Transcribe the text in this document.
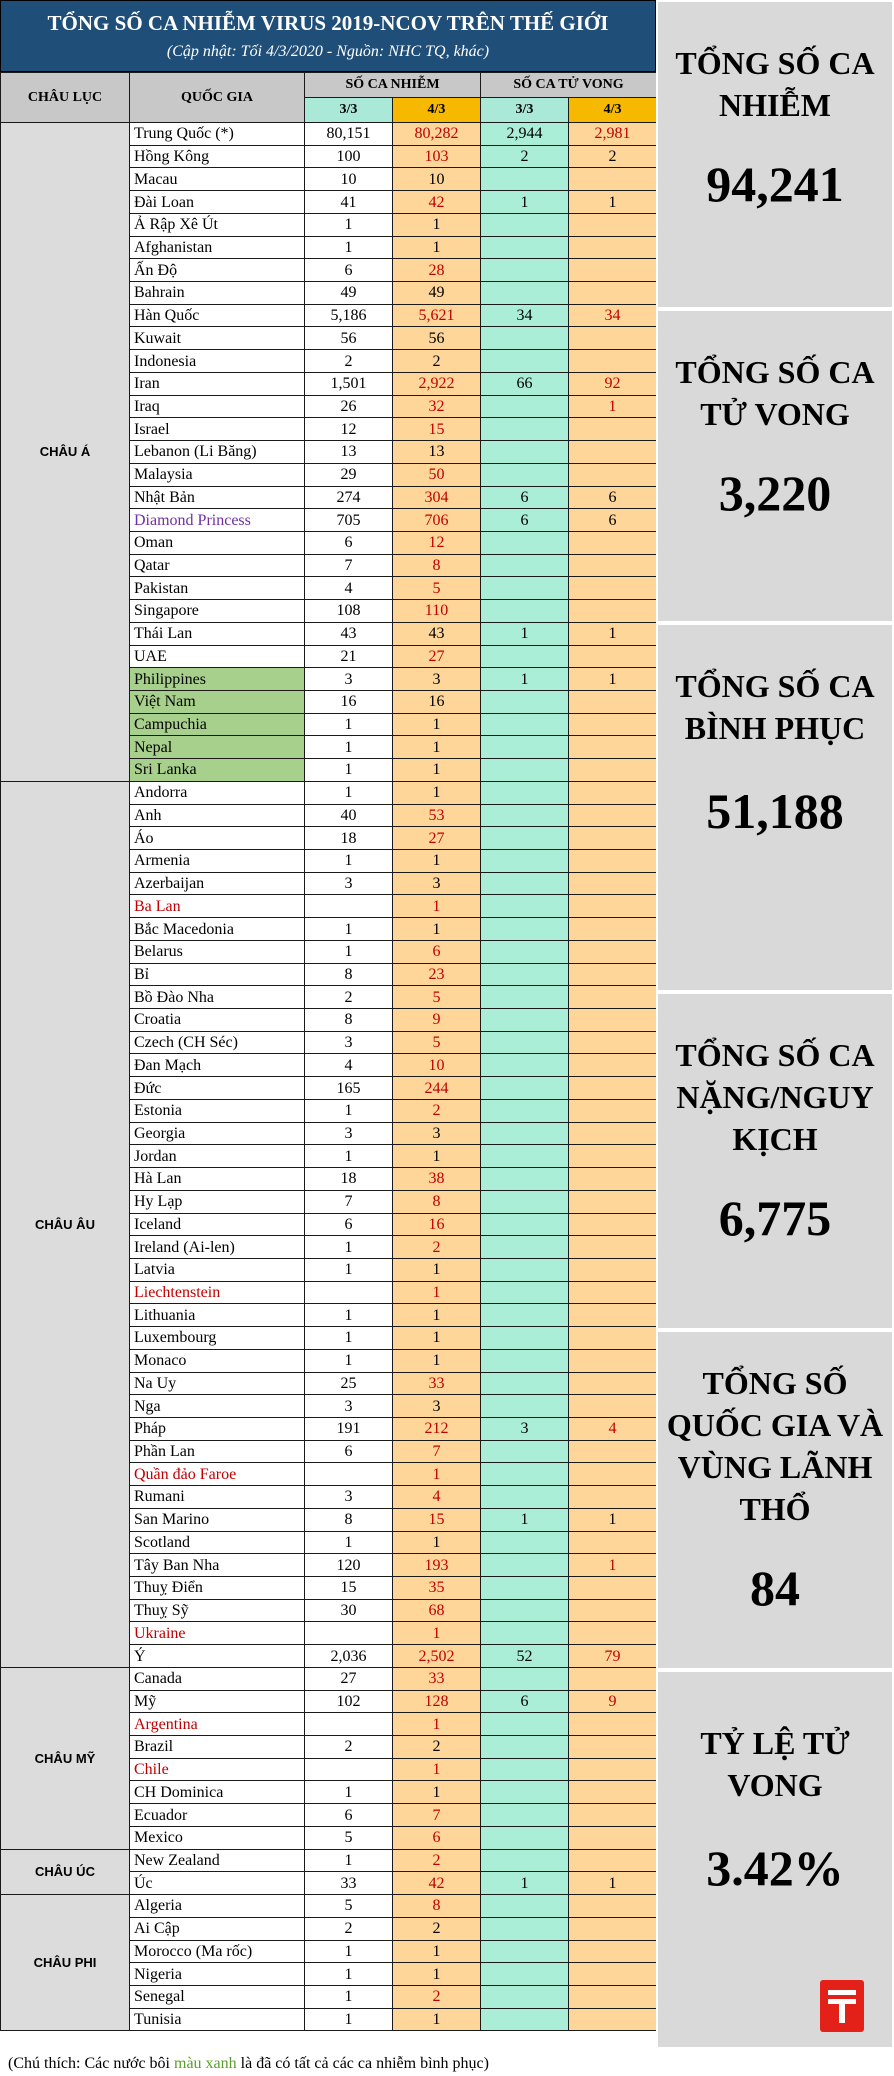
TỔNG SỐ CA NHIỄM VIRUS 2019-NCOV TRÊN THẾ GIỚI
(Cập nhật: Tối 4/3/2020 - Nguồn: NHC TQ, khác)
CHÂU LỤC	QUỐC GIA	SỐ CA NHIỄM		SỐ CA TỬ VONG	
		3/3	4/3	3/3	4/3
CHÂU Á	Trung Quốc (*)	80,151	80,282	2,944	2,981
	Hồng Kông	100	103	2	2
	Macau	10	10		
	Đài Loan	41	42	1	1
	Ả Rập Xê Út	1	1		
	Afghanistan	1	1		
	Ấn Độ	6	28		
	Bahrain	49	49		
	Hàn Quốc	5,186	5,621	34	34
	Kuwait	56	56		
	Indonesia	2	2		
	Iran	1,501	2,922	66	92
	Iraq	26	32		1
	Israel	12	15		
	Lebanon (Li Băng)	13	13		
	Malaysia	29	50		
	Nhật Bản	274	304	6	6
	Diamond Princess	705	706	6	6
	Oman	6	12		
	Qatar	7	8		
	Pakistan	4	5		
	Singapore	108	110		
	Thái Lan	43	43	1	1
	UAE	21	27		
	Philippines	3	3	1	1
	Việt Nam	16	16		
	Campuchia	1	1		
	Nepal	1	1		
	Sri Lanka	1	1		
CHÂU ÂU	Andorra	1	1		
	Anh	40	53		
	Áo	18	27		
	Armenia	1	1		
	Azerbaijan	3	3		
	Ba Lan		1		
	Bắc Macedonia	1	1		
	Belarus	1	6		
	Bỉ	8	23		
	Bồ Đào Nha	2	5		
	Croatia	8	9		
	Czech (CH Séc)	3	5		
	Đan Mạch	4	10		
	Đức	165	244		
	Estonia	1	2		
	Georgia	3	3		
	Jordan	1	1		
	Hà Lan	18	38		
	Hy Lạp	7	8		
	Iceland	6	16		
	Ireland (Ai-len)	1	2		
	Latvia	1	1		
	Liechtenstein		1		
	Lithuania	1	1		
	Luxembourg	1	1		
	Monaco	1	1		
	Na Uy	25	33		
	Nga	3	3		
	Pháp	191	212	3	4
	Phần Lan	6	7		
	Quần đảo Faroe		1		
	Rumani	3	4		
	San Marino	8	15	1	1
	Scotland	1	1		
	Tây Ban Nha	120	193		1
	Thuỵ Điển	15	35		
	Thuỵ Sỹ	30	68		
	Ukraine		1		
	Ý	2,036	2,502	52	79
CHÂU MỸ	Canada	27	33		
	Mỹ	102	128	6	9
	Argentina		1		
	Brazil	2	2		
	Chile		1		
	CH Dominica	1	1		
	Ecuador	6	7		
	Mexico	5	6		
CHÂU ÚC	New Zealand	1	2		
	Úc	33	42	1	1
CHÂU PHI	Algeria	5	8		
	Ai Cập	2	2		
	Morocco (Ma rốc)	1	1		
	Nigeria	1	1		
	Senegal	1	2		
	Tunisia	1	1		
TỔNG SỐ CA NHIỄM
94,241
TỔNG SỐ CA TỬ VONG
3,220
TỔNG SỐ CA BÌNH PHỤC
51,188
TỔNG SỐ CA NẶNG/NGUY KỊCH
6,775
TỔNG SỐ QUỐC GIA VÀ VÙNG LÃNH THỔ
84
TỶ LỆ TỬ VONG
3.42%
(Chú thích: Các nước bôi màu xanh là đã có tất cả các ca nhiễm bình phục)
